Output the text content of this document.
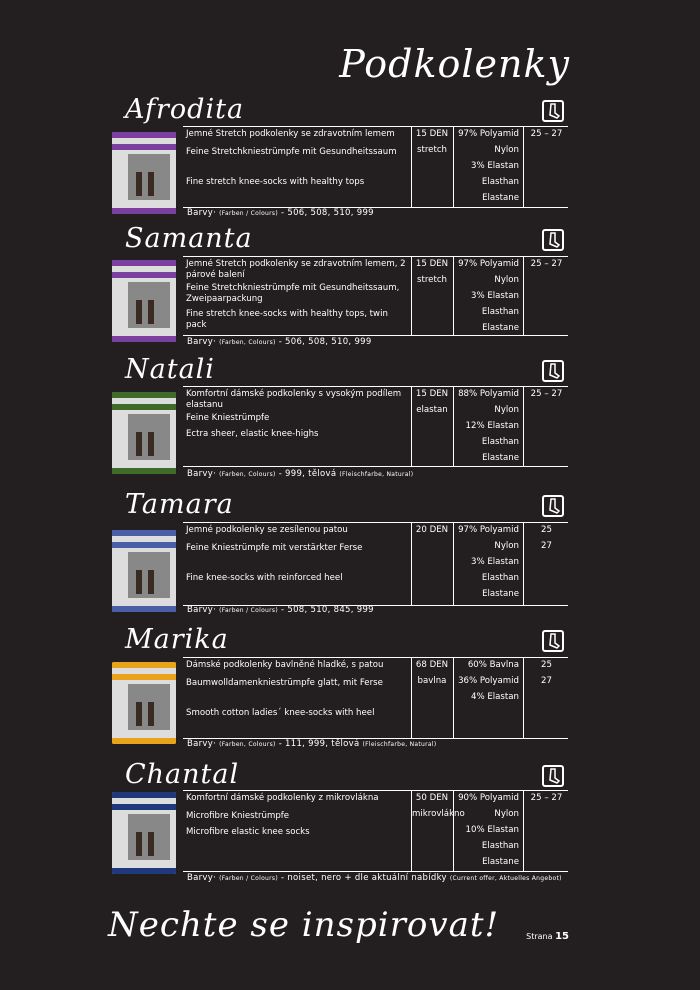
Podkolenky
Afrodita
Jemné Stretch podkolenky se zdravotním lemem
Feine Stretchkniestrümpfe mit Gesundheitssaum
Fine stretch knee-socks with healthy tops
15 DEN
stretch
97% Polyamid
Nylon
3% Elastan
Elasthan
Elastane
25 – 27
Barvy· (Farben / Colours) - 506, 508, 510, 999
Samanta
Jemné Stretch podkolenky se zdravotním lemem, 2 párové balení
Feine Stretchkniestrümpfe mit Gesundheitssaum, Zweipaarpackung
Fine stretch knee-socks with healthy tops, twin pack
15 DEN
stretch
97% Polyamid
Nylon
3% Elastan
Elasthan
Elastane
25 – 27
Barvy· (Farben, Colours) - 506, 508, 510, 999
Natali
Komfortní dámské podkolenky s vysokým podílem elastanu
Feine Kniestrümpfe
Ectra sheer, elastic knee-highs
15 DEN
elastan
88% Polyamid
Nylon
12% Elastan
Elasthan
Elastane
25 – 27
Barvy· (Farben, Colours) - 999, tělová (Fleischfarbe, Natural)
Tamara
Jemné podkolenky se zesílenou patou
Feine Kniestrümpfe mit verstärkter Ferse
Fine knee-socks with reinforced heel
20 DEN	97% Polyamid
Nylon
3% Elastan
Elasthan
Elastane
25
27
Barvy· (Farben / Colours) - 508, 510, 845, 999
Marika
Dámské podkolenky bavlněné hladké, s patou
Baumwolldamenkniestrümpfe glatt, mit Ferse
Smooth cotton ladies´ knee-socks with heel
68 DEN
bavlna
60% Bavlna
36% Polyamid
4% Elastan
25
27
Barvy· (Farben, Colours) - 111, 999, tělová (Fleischfarbe, Natural)
Chantal
Komfortní dámské podkolenky z mikrovlákna
Microfibre Kniestrümpfe
Microfibre elastic knee socks
50 DEN
mikrovlákno
90% Polyamid
Nylon
10% Elastan
Elasthan
Elastane
25 – 27
Barvy· (Farben / Colours) - noiset, nero + dle aktuální nabídky (Current offer, Aktuelles Angebot)
Nechte se inspirovat!	Strana 15
